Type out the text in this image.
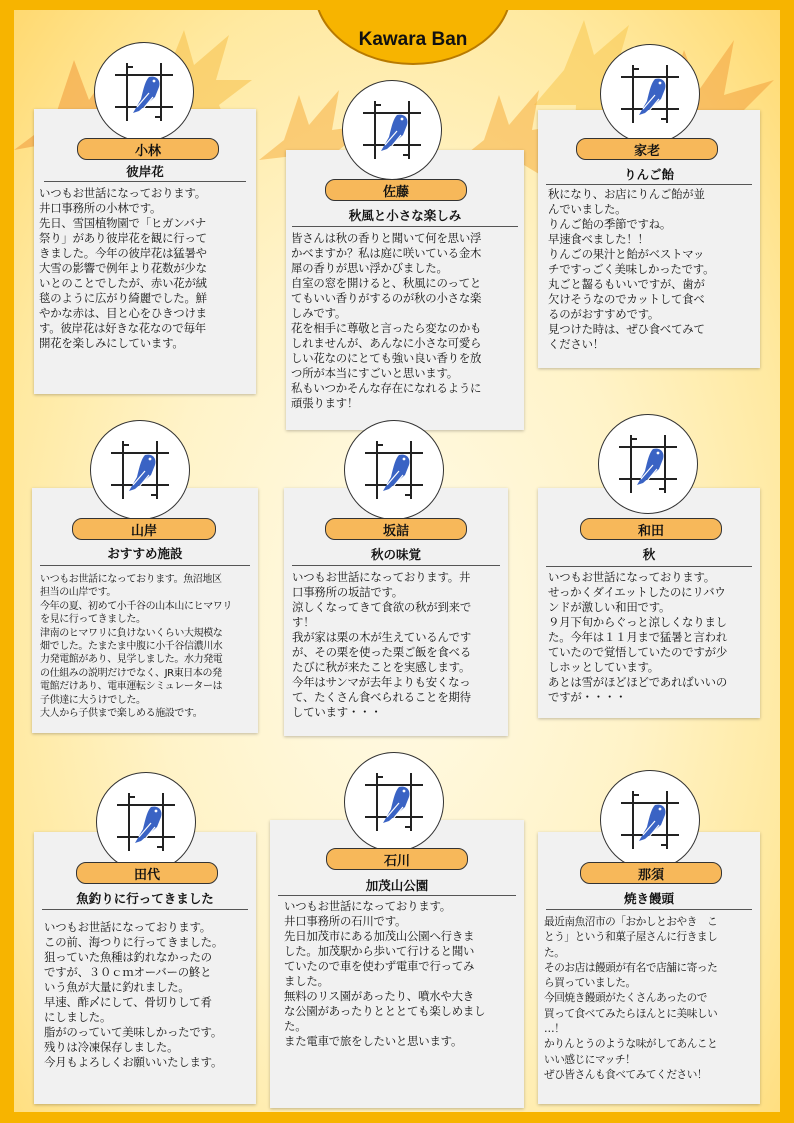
Kawara Ban
小林
彼岸花
いつもお世話になっております。
井口事務所の小林です。
先日、雪国植物園で「ヒガンバナ
祭り」があり彼岸花を観に行って
きました。今年の彼岸花は猛暑や
大雪の影響で例年より花数が少な
いとのことでしたが、赤い花が絨
毯のように広がり綺麗でした。鮮
やかな赤は、目と心をひきつけま
す。彼岸花は好きな花なので毎年
開花を楽しみにしています。
佐藤
秋風と小さな楽しみ
皆さんは秋の香りと聞いて何を思い浮
かべますか？私は庭に咲いている金木
犀の香りが思い浮かびました。
自室の窓を開けると、秋風にのってと
てもいい香りがするのが秋の小さな楽
しみです。
花を相手に尊敬と言ったら変なのかも
しれませんが、あんなに小さな可愛ら
しい花なのにとても強い良い香りを放
つ所が本当にすごいと思います。
私もいつかそんな存在になれるように
頑張ります！
家老
りんご飴
秋になり、お店にりんご飴が並
んでいました。
りんご飴の季節ですね。
早速食べました！！
りんごの果汁と飴がベストマッ
チですっごく美味しかったです。
丸ごと齧るもいいですが、歯が
欠けそうなのでカットして食べ
るのがおすすめです。
見つけた時は、ぜひ食べてみて
ください！
山岸
おすすめ施設
いつもお世話になっております。魚沼地区
担当の山岸です。
今年の夏、初めて小千谷の山本山にヒマワリ
を見に行ってきました。
津南のヒマワリに負けないくらい大規模な
畑でした。たまたま中腹に小千谷信濃川水
力発電館があり、見学しました。水力発電
の仕組みの説明だけでなく、JR東日本の発
電館だけあり、電車運転シミュレーターは
子供達に大うけでした。
大人から子供まで楽しめる施設です。
坂詰
秋の味覚
いつもお世話になっております。井
口事務所の坂詰です。
涼しくなってきて食欲の秋が到来で
す！
我が家は栗の木が生えているんです
が、その栗を使った栗ご飯を食べる
たびに秋が来たことを実感します。
今年はサンマが去年よりも安くなっ
て、たくさん食べられることを期待
しています・・・
和田
秋
いつもお世話になっております。
せっかくダイエットしたのにリバウ
ンドが激しい和田です。
９月下旬からぐっと涼しくなりまし
た。今年は１１月まで猛暑と言われ
ていたので覚悟していたのですが少
しホッとしています。
あとは雪がほどほどであればいいの
ですが・・・・
田代
魚釣りに行ってきました
いつもお世話になっております。
この前、海つりに行ってきました。
狙っていた魚種は釣れなかったの
ですが、３０ｃｍオーバーの鮗と
いう魚が大量に釣れました。
早速、酢〆にして、骨切りして肴
にしました。
脂がのっていて美味しかったです。
残りは冷凍保存しました。
今月もよろしくお願いいたします。
石川
加茂山公園
いつもお世話になっております。
井口事務所の石川です。
先日加茂市にある加茂山公園へ行きま
した。加茂駅から歩いて行けると聞い
ていたので車を使わず電車で行ってみ
ました。
無料のリス園があったり、噴水や大き
な公園があったりとととても楽しめまし
た。
また電車で旅をしたいと思います。
那須
焼き饅頭
最近南魚沼市の「おかしとおやき　こ
とう」という和菓子屋さんに行きまし
た。
そのお店は饅頭が有名で店舗に寄った
ら買っていました。
今回焼き饅頭がたくさんあったので
買って食べてみたらほんとに美味しい
…！
かりんとうのような味がしてあんこと
いい感じにマッチ！
ぜひ皆さんも食べてみてください！
